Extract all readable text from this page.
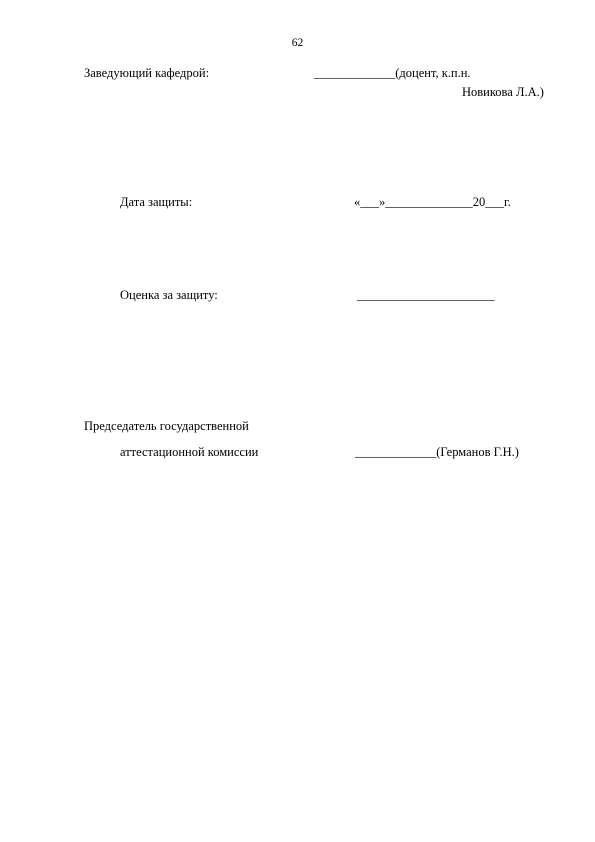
62
Заведующий кафедрой:	_____________(доцент, к.п.н.
Новикова Л.А.)
Дата защиты:	«___»______________20___г.
Оценка за защиту:	______________________
Председатель государственной
аттестационной комиссии	_____________(Германов Г.Н.)
